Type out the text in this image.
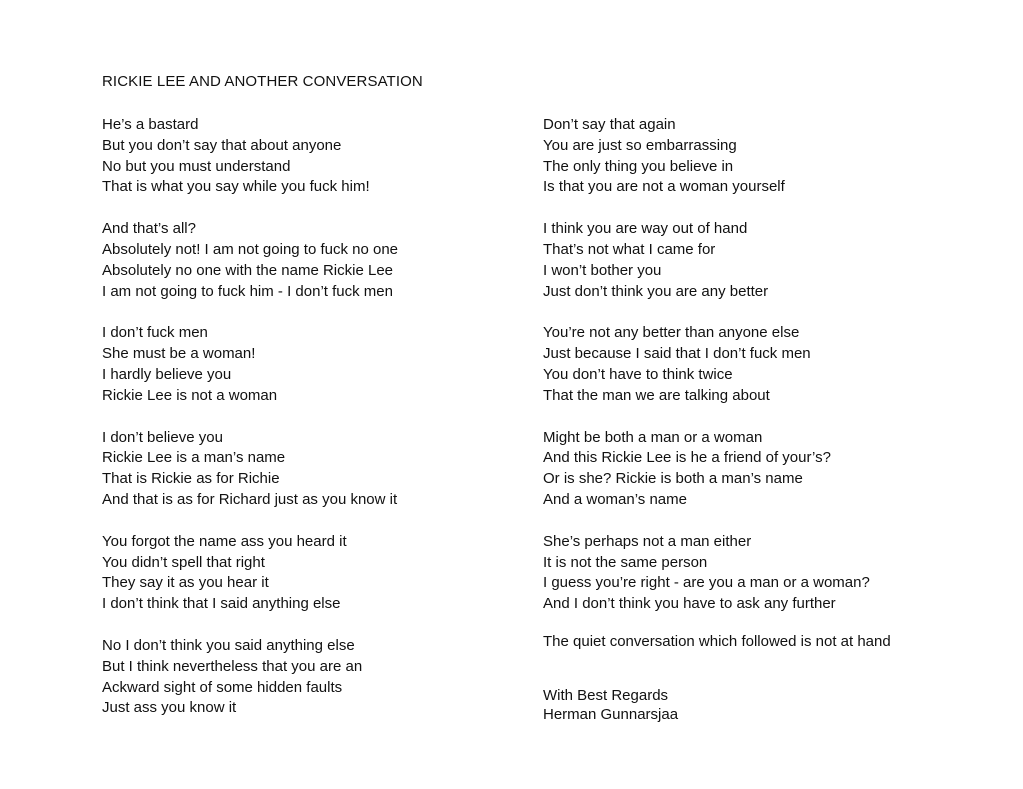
RICKIE LEE AND ANOTHER CONVERSATION
He’s a bastard
But you don’t say that about anyone
No but you must understand
That is what you say while you fuck him!
And that’s all?
Absolutely not! I am not going to fuck no one
Absolutely no one with the name Rickie Lee
I am not going to fuck him - I don’t fuck men
I don’t fuck men
She must be a woman!
I hardly believe you
Rickie Lee is not a woman
I don’t believe you
Rickie Lee is a man’s name
That is Rickie as for Richie
And that is as for Richard just as you know it
You forgot the name ass you heard it
You didn’t spell that right
They say it as you hear it
I don’t think that I said anything else
No I don’t think you said anything else
But I think nevertheless that you are an
Ackward sight of some hidden faults
Just ass you know it
Don’t say that again
You are just so embarrassing
The only thing you believe in
Is that you are not a woman yourself
I think you are way out of hand
That’s not what I came for
I won’t bother you
Just don’t think you are any better
You’re not any better than anyone else
Just because I said that I don’t fuck men
You don’t have to think twice
That the man we are talking about
Might be both a man or a woman
And this Rickie Lee is he a friend of your’s?
Or is she? Rickie is both a man’s name
And a woman’s name
She’s perhaps not a man either
It is not the same person
I guess you’re right - are you a man or a woman?
And I don’t think you have to ask any further
The quiet conversation which followed is not at hand
With Best Regards
Herman Gunnarsjaa
